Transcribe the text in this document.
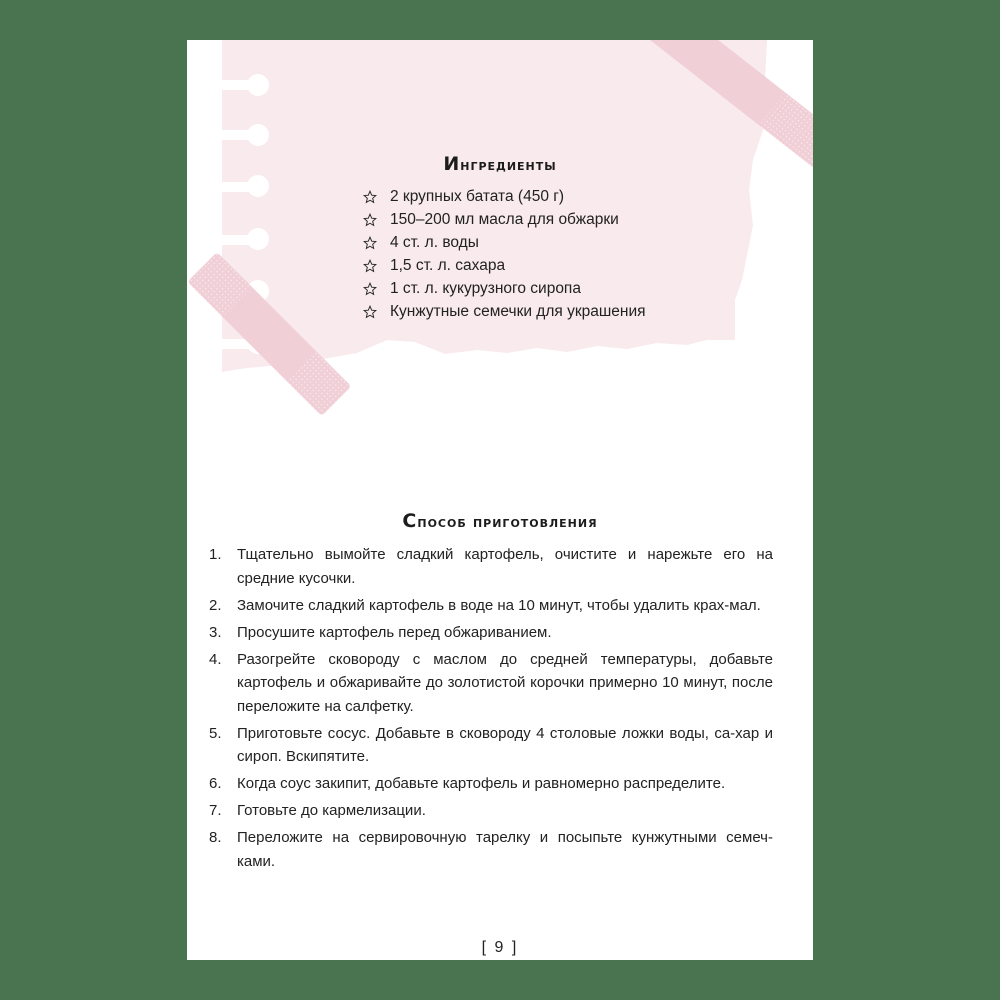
Ингредиенты
2 крупных батата (450 г)
150–200 мл масла для обжарки
4 ст. л. воды
1,5 ст. л. сахара
1 ст. л. кукурузного сиропа
Кунжутные семечки для украшения
Способ приготовления
1.	Тщательно вымойте сладкий картофель, очистите и нарежьте его на средние кусочки.
2.	Замочите сладкий картофель в воде на 10 минут, чтобы удалить крах-мал.
3.	Просушите картофель перед обжариванием.
4.	Разогрейте сковороду с маслом до средней температуры, добавьте картофель и обжаривайте до золотистой корочки примерно 10 минут, после переложите на салфетку.
5.	Приготовьте сосус. Добавьте в сковороду 4 столовые ложки воды, са-хар и сироп. Вскипятите.
6.	Когда соус закипит, добавьте картофель и равномерно распределите.
7.	Готовьте до кармелизации.
8.	Переложите на сервировочную тарелку и посыпьте кунжутными семеч-ками.
[ 9 ]
